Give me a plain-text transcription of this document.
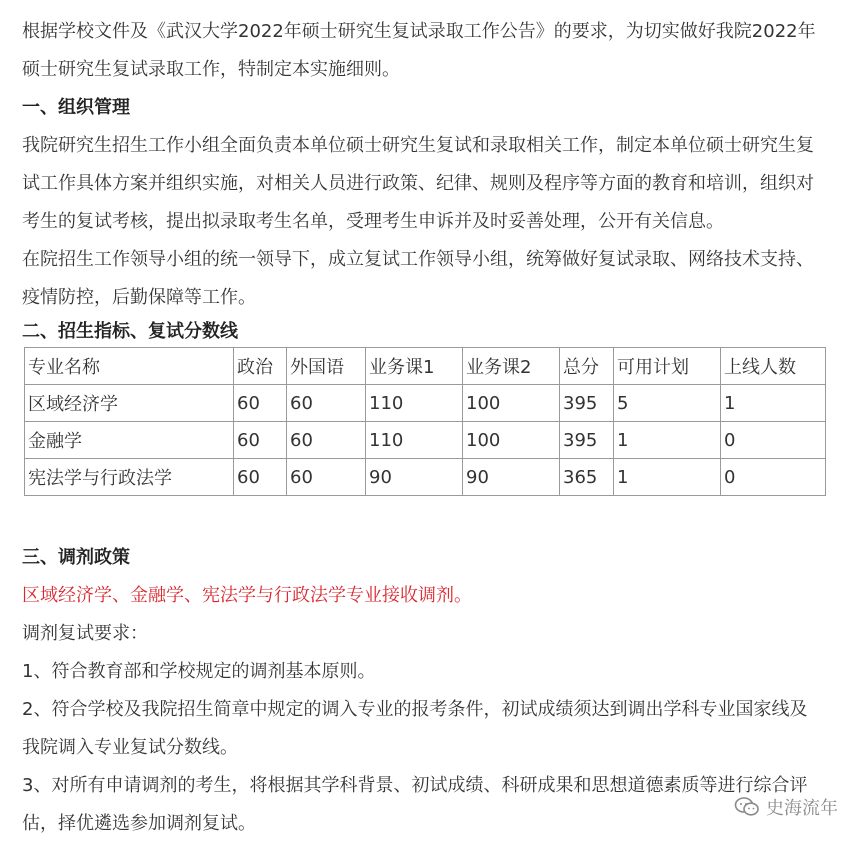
根据学校文件及《武汉大学2022年硕士研究生复试录取工作公告》的要求，为切实做好我院2022年
硕士研究生复试录取工作，特制定本实施细则。
一、组织管理
我院研究生招生工作小组全面负责本单位硕士研究生复试和录取相关工作，制定本单位硕士研究生复
试工作具体方案并组织实施，对相关人员进行政策、纪律、规则及程序等方面的教育和培训，组织对
考生的复试考核，提出拟录取考生名单，受理考生申诉并及时妥善处理，公开有关信息。
在院招生工作领导小组的统一领导下，成立复试工作领导小组，统筹做好复试录取、网络技术支持、
疫情防控，后勤保障等工作。
二、招生指标、复试分数线
专业名称	政治	外国语	业务课1	业务课2	总分	可用计划	上线人数
区域经济学	60	60	110	100	395	5	1
金融学	60	60	110	100	395	1	0
宪法学与行政法学	60	60	90	90	365	1	0
三、调剂政策
区域经济学、金融学、宪法学与行政法学专业接收调剂。
调剂复试要求：
1、符合教育部和学校规定的调剂基本原则。
2、符合学校及我院招生简章中规定的调入专业的报考条件，初试成绩须达到调出学科专业国家线及
我院调入专业复试分数线。
3、对所有申请调剂的考生，将根据其学科背景、初试成绩、科研成果和思想道德素质等进行综合评
估，择优遴选参加调剂复试。
史海流年
